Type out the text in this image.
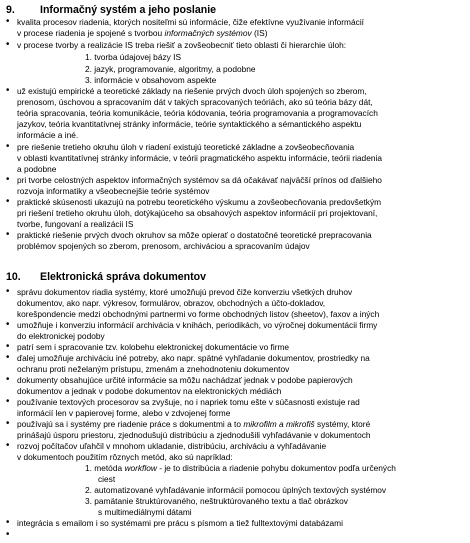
9. Informačný systém a jeho poslanie
• kvalita procesov riadenia, ktorých nositeľmi sú informácie, čiže efektívne využívanie informácií
v procese riadenia je spojené s tvorbou informačných systémov (IS)
• v procese tvorby a realizácie IS treba riešiť a zovšeobecniť tieto oblasti či hierarchie úloh:
1. tvorba údajovej bázy IS
2. jazyk, programovanie, algoritmy, a podobne
3. informácie v obsahovom aspekte
• už existujú empirické a teoretické základy na riešenie prvých dvoch úloh spojených so zberom,
prenosom, úschovou a spracovaním dát v takých spracovaných teóriách, ako sú teória bázy dát,
teória spracovania, teória komunikácie, teória kódovania, teória programovania a programovacích
jazykov, teória kvantitatívnej stránky informácie, teórie syntaktického a sémantického aspektu
informácie a iné.
• pre riešenie tretieho okruhu úloh v riadení existujú teoretické základne a zovšeobecňovania
v oblasti kvantitatívnej stránky informácie, v teórii pragmatického aspektu informácie, teórii riadenia
a podobne
• pri tvorbe celostných aspektov informačných systémov sa dá očakávať najväčší prínos od ďalšieho
rozvoja informatiky a všeobecnejšie teórie systémov
• praktické skúsenosti ukazujú na potrebu teoretického výskumu a zovšeobecňovania predovšetkým
pri riešení tretieho okruhu úloh, dotýkajúceho sa obsahových aspektov informácií pri projektovaní,
tvorbe, fungovaní a realizácii IS
• praktické riešenie prvých dvoch okruhov sa môže opierať o dostatočné teoretické prepracovania
problémov spojených so zberom, prenosom, archiváciou a spracovaním údajov
10. Elektronická správa dokumentov
• správu dokumentov riadia systémy, ktoré umožňujú prevod čiže konverziu všetkých druhov
dokumentov, ako napr. výkresov, formulárov, obrazov, obchodných a účto-dokladov,
korešpondencie medzi obchodnými partnermi vo forme obchodných listov (sheetov), faxov a iných
• umožňuje i konverziu informácií archivácia v knihách, periodikách, vo výročnej dokumentácii firmy
do elektronickej podoby
• patrí sem i spracovanie tzv. kolobehu elektronickej dokumentácie vo firme
• ďalej umožňuje archiváciu iné potreby, ako napr. spätné vyhľadanie dokumentov, prostriedky na
ochranu proti neželaným prístupu, zmenám a znehodnoteniu dokumentov
• dokumenty obsahujúce určité informácie sa môžu nachádzať jednak v podobe papierových
dokumentov a jednak v podobe dokumentov na elektronických médiách
• používanie textových procesorov sa zvyšuje, no i napriek tomu ešte v súčasnosti existuje rad
informácií len v papierovej forme, alebo v zdvojenej forme
• používajú sa i systémy pre riadenie práce s dokumentmi a to mikrofilm a mikrofiš systémy, ktoré
prinášajú úsporu priestoru, zjednodušujú distribúciu a zjednodušili vyhľadávanie v dokumentoch
• rozvoj počítačov uľahčil v mnohom ukladanie, distribúciu, archiváciu a vyhľadávanie
v dokumentoch použitím rôznych metód, ako sú napríklad:
1. metóda workflow - je to distribúcia a riadenie pohybu dokumentov podľa určených
ciest
2. automatizované vyhľadávanie informácií pomocou úplných textových systémov
3. pamätanie štruktúrovaného, neštruktúrovaného textu a tlač obrázkov
s multimediálnymi dátami
• integrácia s emailom i so systémami pre prácu s písmom a tiež fulltextovými databázami
•
